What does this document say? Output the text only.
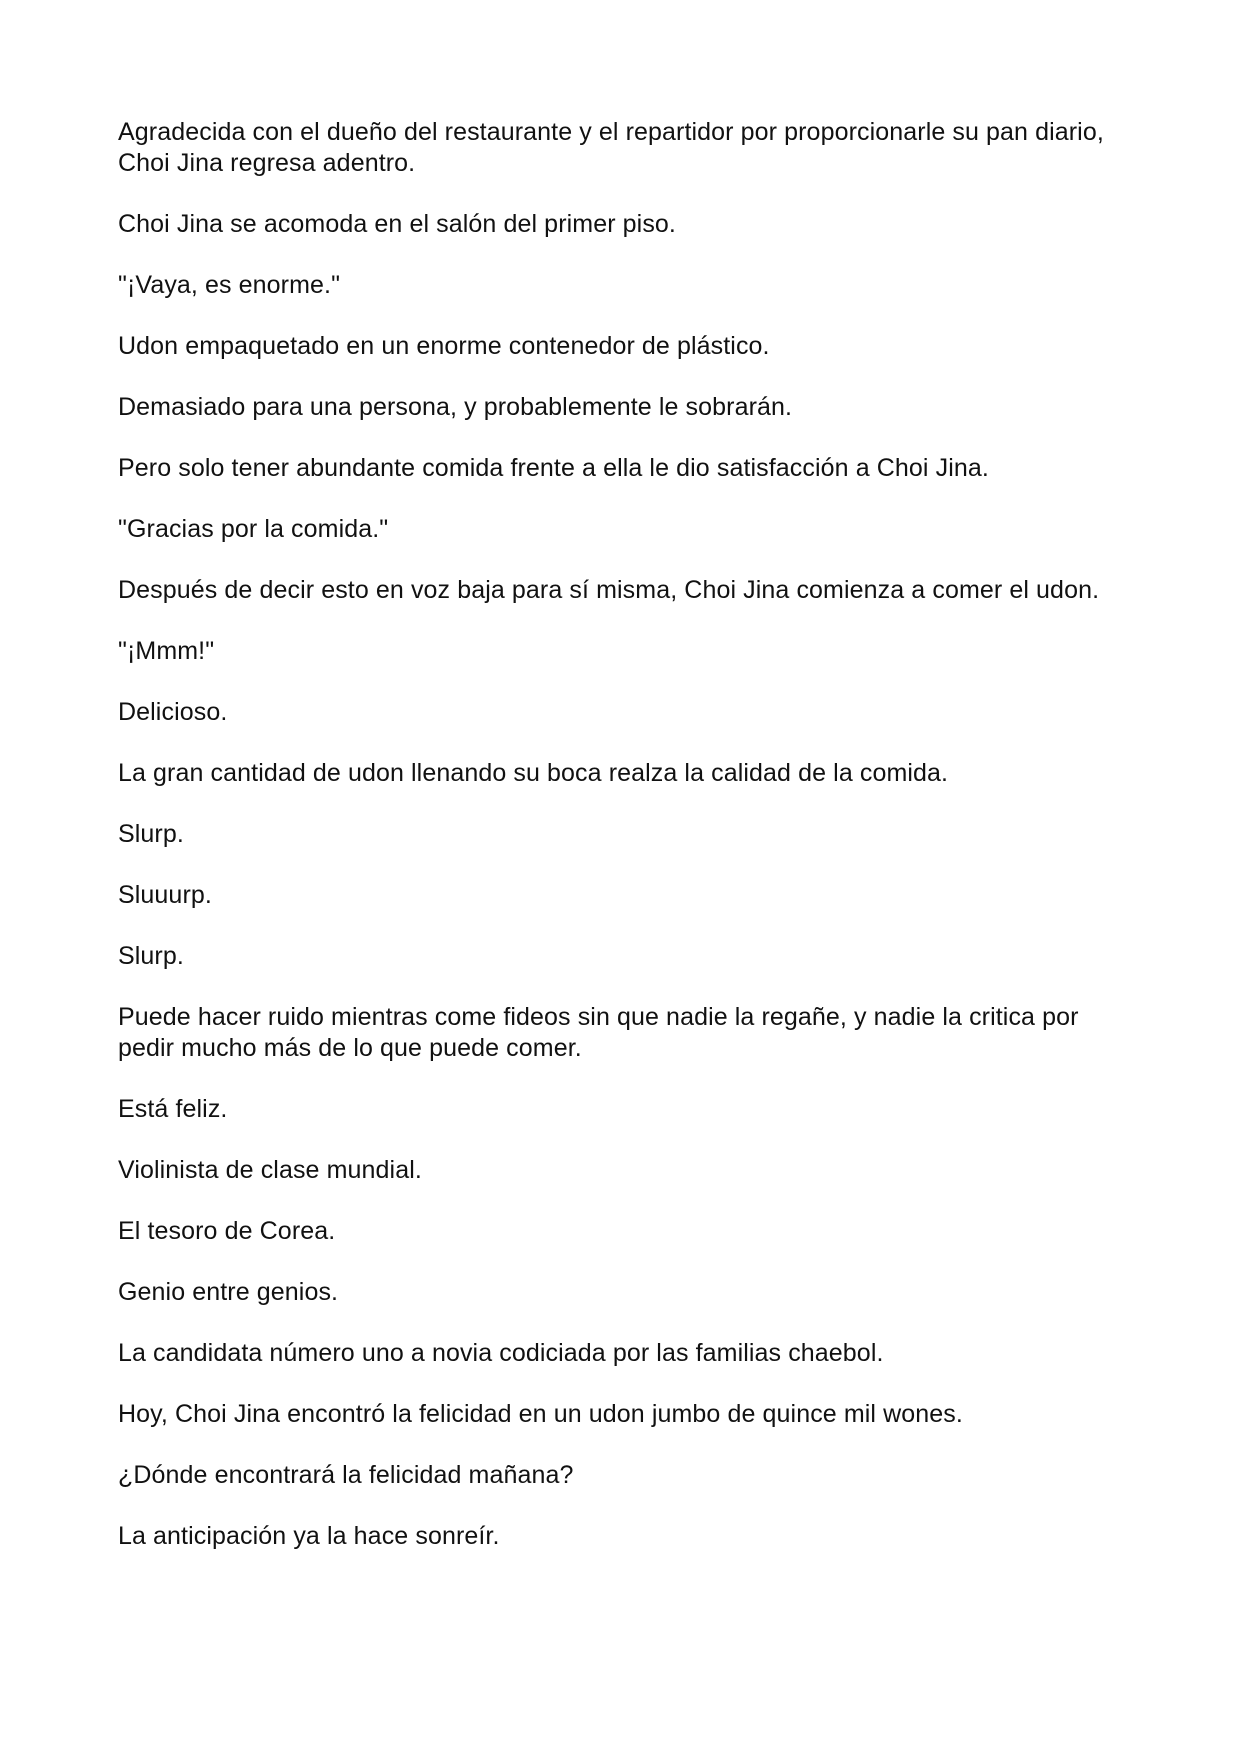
Agradecida con el dueño del restaurante y el repartidor por proporcionarle su pan diario, Choi Jina regresa adentro.

Choi Jina se acomoda en el salón del primer piso.

"¡Vaya, es enorme."

Udon empaquetado en un enorme contenedor de plástico.

Demasiado para una persona, y probablemente le sobrarán.

Pero solo tener abundante comida frente a ella le dio satisfacción a Choi Jina.

"Gracias por la comida."

Después de decir esto en voz baja para sí misma, Choi Jina comienza a comer el udon.

"¡Mmm!"

Delicioso.

La gran cantidad de udon llenando su boca realza la calidad de la comida.

Slurp.

Sluuurp.

Slurp.

Puede hacer ruido mientras come fideos sin que nadie la regañe, y nadie la critica por pedir mucho más de lo que puede comer.

Está feliz.

Violinista de clase mundial.

El tesoro de Corea.

Genio entre genios.

La candidata número uno a novia codiciada por las familias chaebol.

Hoy, Choi Jina encontró la felicidad en un udon jumbo de quince mil wones.

¿Dónde encontrará la felicidad mañana?

La anticipación ya la hace sonreír.
